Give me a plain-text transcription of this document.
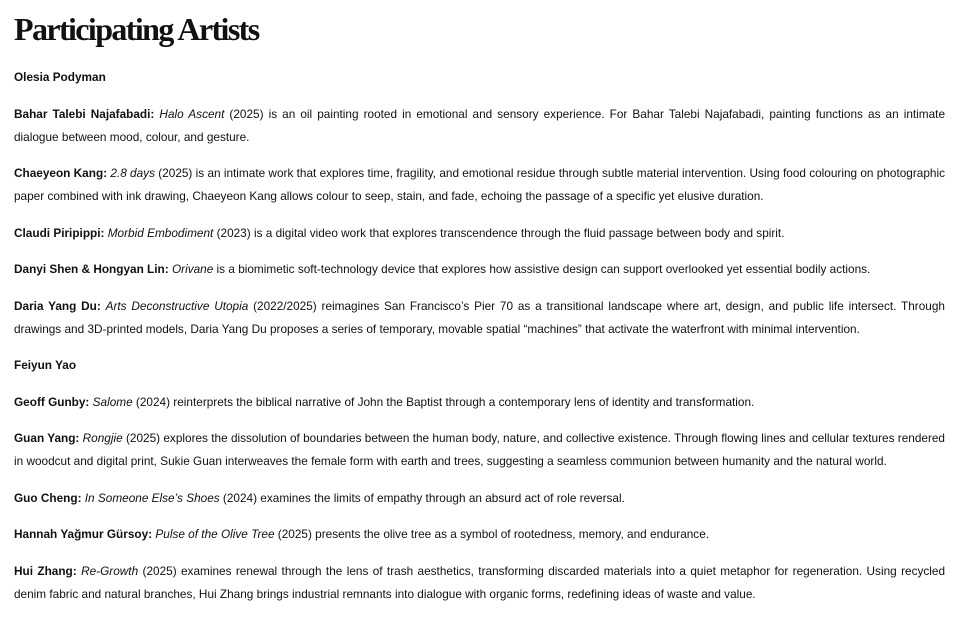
Participating Artists
Olesia Podyman
Bahar Talebi Najafabadi: Halo Ascent (2025) is an oil painting rooted in emotional and sensory experience. For Bahar Talebi Najafabadi, painting functions as an intimate dialogue between mood, colour, and gesture.
Chaeyeon Kang: 2.8 days (2025) is an intimate work that explores time, fragility, and emotional residue through subtle material intervention. Using food colouring on photographic paper combined with ink drawing, Chaeyeon Kang allows colour to seep, stain, and fade, echoing the passage of a specific yet elusive duration.
Claudi Piripippi: Morbid Embodiment (2023) is a digital video work that explores transcendence through the fluid passage between body and spirit.
Danyi Shen & Hongyan Lin: Orivane is a biomimetic soft-technology device that explores how assistive design can support overlooked yet essential bodily actions.
Daria Yang Du: Arts Deconstructive Utopia (2022/2025) reimagines San Francisco’s Pier 70 as a transitional landscape where art, design, and public life intersect. Through drawings and 3D-printed models, Daria Yang Du proposes a series of temporary, movable spatial “machines” that activate the waterfront with minimal intervention.
Feiyun Yao
Geoff Gunby: Salome (2024) reinterprets the biblical narrative of John the Baptist through a contemporary lens of identity and transformation.
Guan Yang: Rongjie (2025) explores the dissolution of boundaries between the human body, nature, and collective existence. Through flowing lines and cellular textures rendered in woodcut and digital print, Sukie Guan interweaves the female form with earth and trees, suggesting a seamless communion between humanity and the natural world.
Guo Cheng: In Someone Else’s Shoes (2024) examines the limits of empathy through an absurd act of role reversal.
Hannah Yağmur Gürsoy: Pulse of the Olive Tree (2025) presents the olive tree as a symbol of rootedness, memory, and endurance.
Hui Zhang: Re-Growth (2025) examines renewal through the lens of trash aesthetics, transforming discarded materials into a quiet metaphor for regeneration. Using recycled denim fabric and natural branches, Hui Zhang brings industrial remnants into dialogue with organic forms, redefining ideas of waste and value.
